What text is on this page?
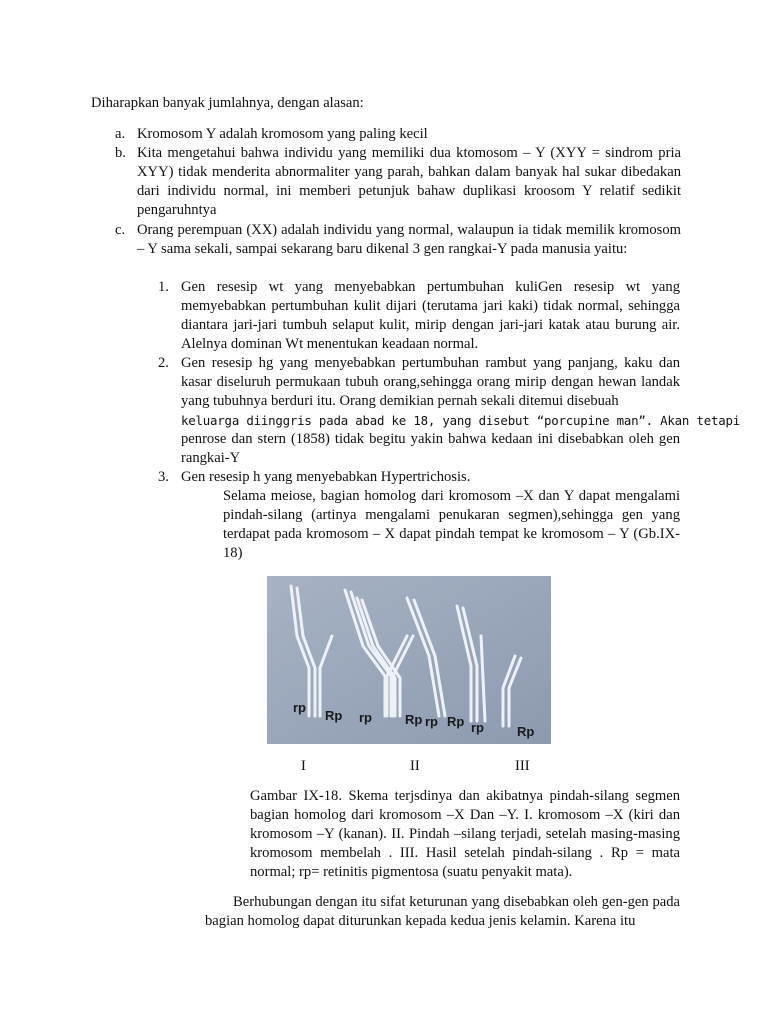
Diharapkan banyak jumlahnya, dengan alasan:

a. Kromosom Y adalah kromosom yang paling kecil

b. Kita mengetahui bahwa individu yang memiliki dua ktomosom – Y (XYY = sindrom pria XYY) tidak menderita abnormaliter yang parah, bahkan dalam banyak hal sukar dibedakan dari individu normal, ini memberi petunjuk bahaw duplikasi kroosom Y relatif sedikit pengaruhntya

c. Orang perempuan (XX) adalah individu yang normal, walaupun ia tidak memilik kromosom – Y sama sekali, sampai sekarang baru dikenal 3 gen rangkai-Y pada manusia yaitu:

1. Gen resesip wt yang menyebabkan pertumbuhan kuliGen resesip wt yang memyebabkan pertumbuhan kulit dijari (terutama jari kaki) tidak normal, sehingga diantara jari-jari tumbuh selaput kulit, mirip dengan jari-jari katak atau burung air. Alelnya dominan Wt menentukan keadaan normal.

2. Gen resesip hg yang menyebabkan pertumbuhan rambut yang panjang, kaku dan kasar diseluruh permukaan tubuh orang,sehingga orang mirip dengan hewan landak yang tubuhnya berduri itu. Orang demikian pernah sekali ditemui disebuah

keluarga diinggris pada abad ke 18, yang disebut “porcupine man”. Akan tetapi

penrose dan stern (1858) tidak begitu yakin bahwa kedaan ini disebabkan oleh gen rangkai-Y

3. Gen resesip h yang menyebabkan Hypertrichosis.

Selama meiose, bagian homolog dari kromosom –X dan Y dapat mengalami pindah-silang (artinya mengalami penukaran segmen),sehingga gen yang terdapat pada kromosom – X dapat pindah tempat ke kromosom – Y (Gb.IX-18)

rp
Rp rp	Rp rp Rp rp	Rp
I	II	III

Gambar IX-18. Skema terjsdinya dan akibatnya pindah-silang segmen bagian homolog dari kromosom –X Dan –Y. I. kromosom –X (kiri dan kromosom –Y (kanan). II. Pindah –silang terjadi, setelah masing-masing kromosom membelah . III. Hasil setelah pindah-silang . Rp = mata normal; rp= retinitis pigmentosa (suatu penyakit mata).

Berhubungan dengan itu sifat keturunan yang disebabkan oleh gen-gen pada bagian homolog dapat diturunkan kepada kedua jenis kelamin. Karena itu
